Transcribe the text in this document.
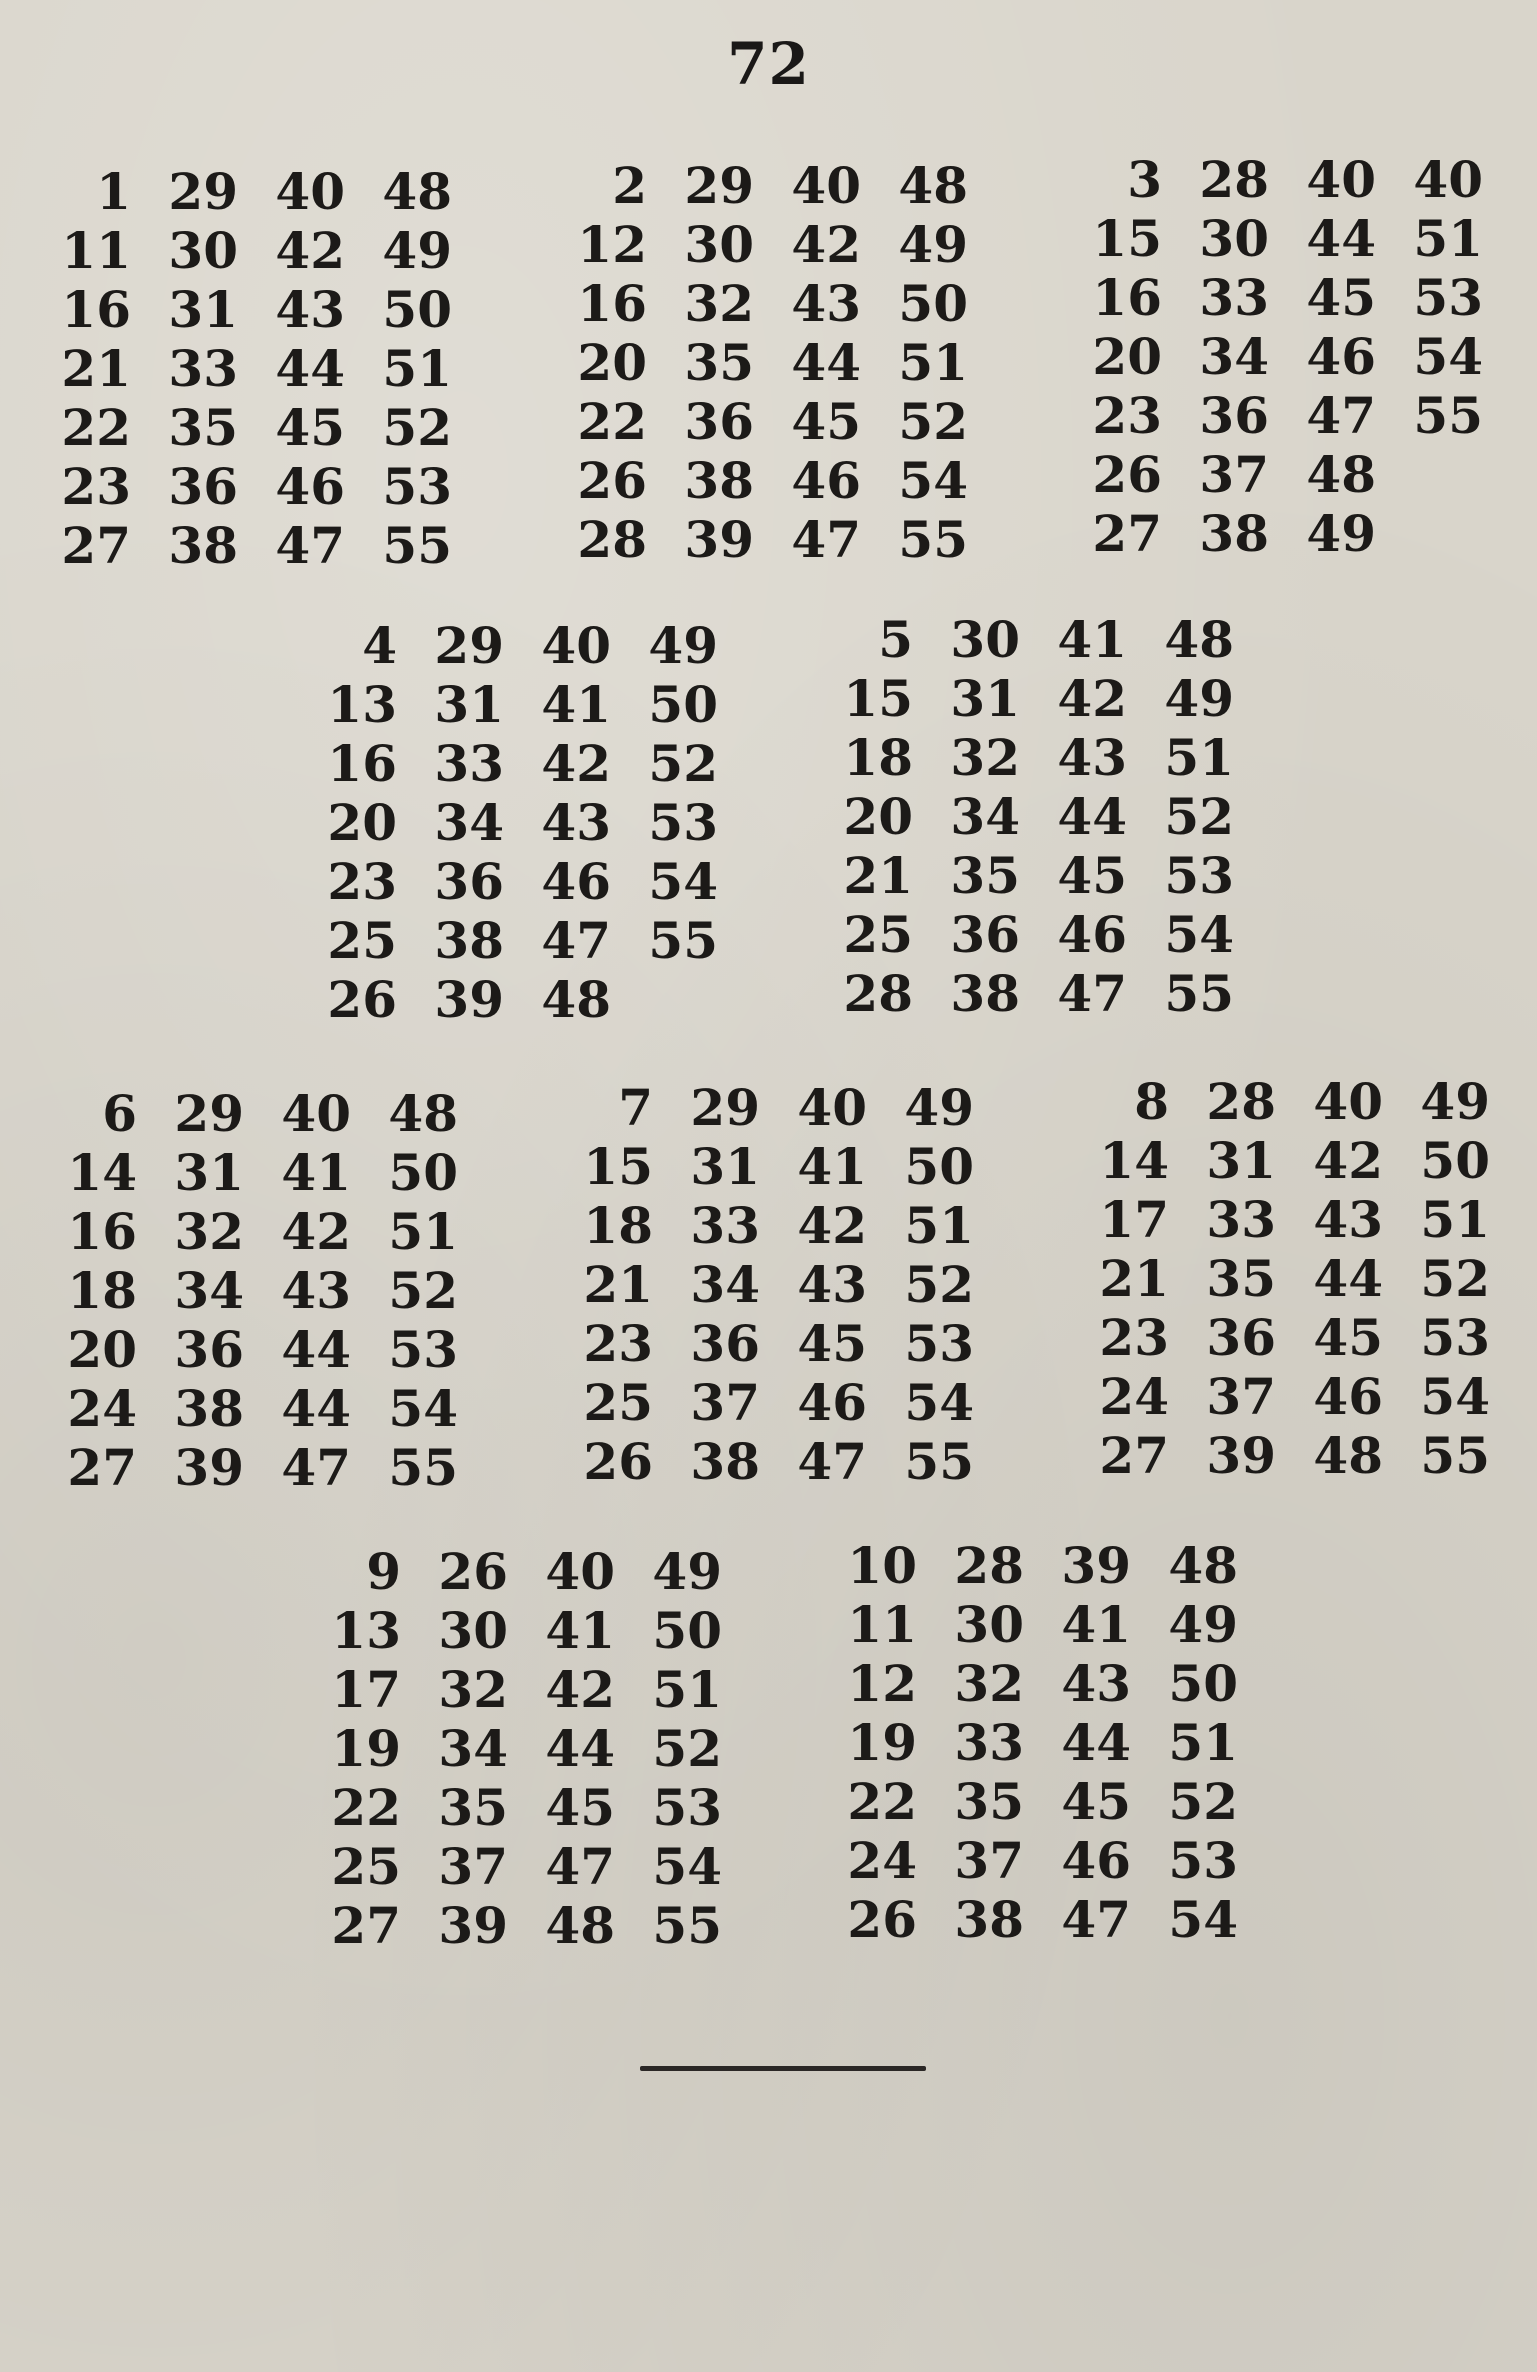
72
1 29 40 48
11 30 42 49
16 31 43 50
21 33 44 51
22 35 45 52
23 36 46 53
27 38 47 55
2 29 40 48
12 30 42 49
16 32 43 50
20 35 44 51
22 36 45 52
26 38 46 54
28 39 47 55
3 28 40 40
15 30 44 51
16 33 45 53
20 34 46 54
23 36 47 55
26 37 48
27 38 49
4 29 40 49
13 31 41 50
16 33 42 52
20 34 43 53
23 36 46 54
25 38 47 55
26 39 48
5 30 41 48
15 31 42 49
18 32 43 51
20 34 44 52
21 35 45 53
25 36 46 54
28 38 47 55
6 29 40 48
14 31 41 50
16 32 42 51
18 34 43 52
20 36 44 53
24 38 44 54
27 39 47 55
7 29 40 49
15 31 41 50
18 33 42 51
21 34 43 52
23 36 45 53
25 37 46 54
26 38 47 55
8 28 40 49
14 31 42 50
17 33 43 51
21 35 44 52
23 36 45 53
24 37 46 54
27 39 48 55
9 26 40 49
13 30 41 50
17 32 42 51
19 34 44 52
22 35 45 53
25 37 47 54
27 39 48 55
10 28 39 48
11 30 41 49
12 32 43 50
19 33 44 51
22 35 45 52
24 37 46 53
26 38 47 54
